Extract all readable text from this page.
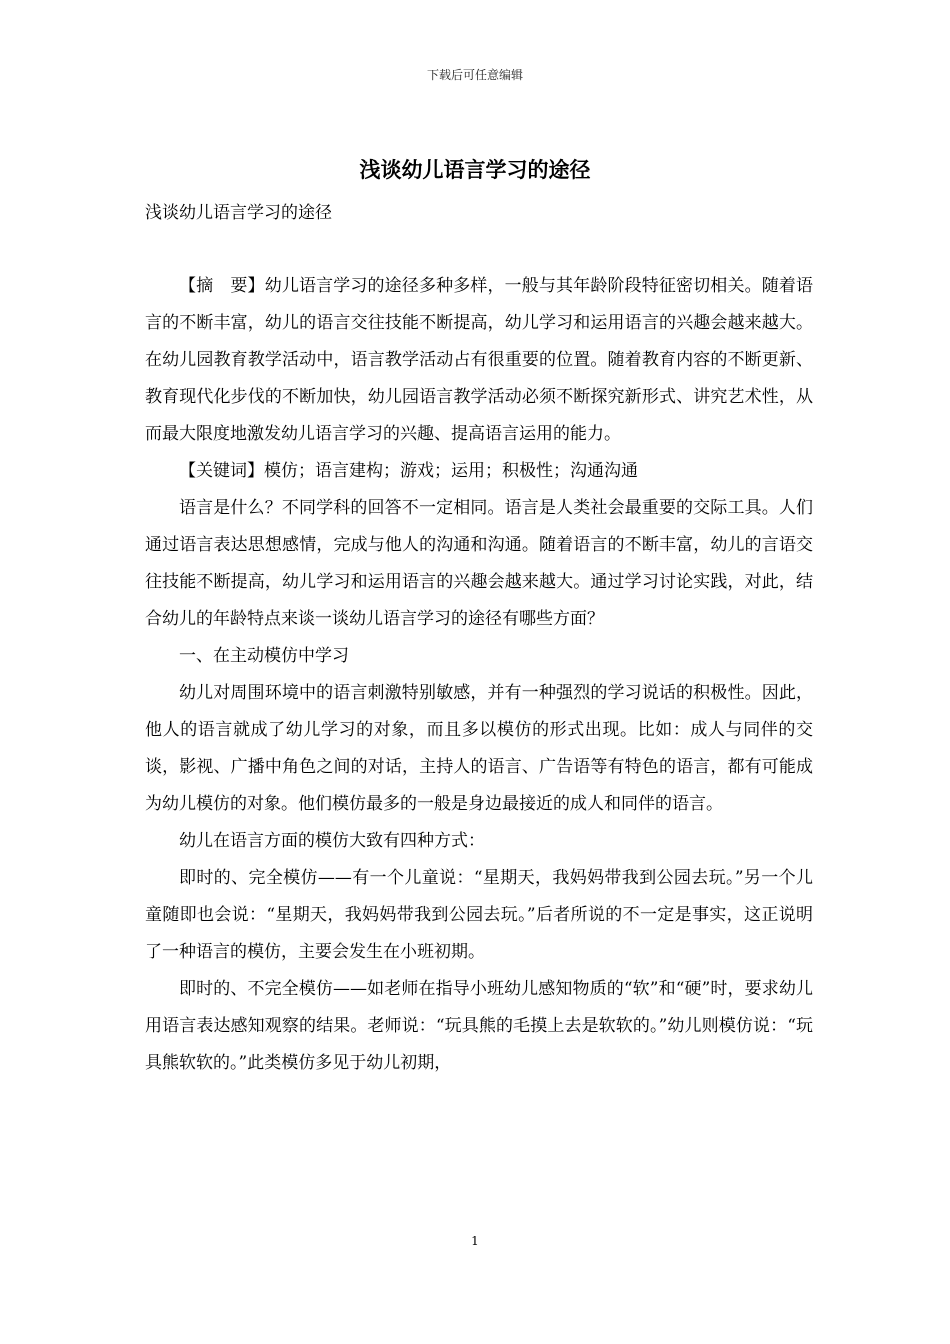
下载后可任意编辑
浅谈幼儿语言学习的途径
浅谈幼儿语言学习的途径

【摘　要】幼儿语言学习的途径多种多样，一般与其年龄阶段特征密切相关。随着语言的不断丰富，幼儿的语言交往技能不断提高，幼儿学习和运用语言的兴趣会越来越大。在幼儿园教育教学活动中，语言教学活动占有很重要的位置。随着教育内容的不断更新、教育现代化步伐的不断加快，幼儿园语言教学活动必须不断探究新形式、讲究艺术性，从而最大限度地激发幼儿语言学习的兴趣、提高语言运用的能力。

【关键词】模仿；语言建构；游戏；运用；积极性；沟通沟通

语言是什么？不同学科的回答不一定相同。语言是人类社会最重要的交际工具。人们通过语言表达思想感情，完成与他人的沟通和沟通。随着语言的不断丰富，幼儿的言语交往技能不断提高，幼儿学习和运用语言的兴趣会越来越大。通过学习讨论实践，对此，结合幼儿的年龄特点来谈一谈幼儿语言学习的途径有哪些方面？

一、在主动模仿中学习

幼儿对周围环境中的语言刺激特别敏感，并有一种强烈的学习说话的积极性。因此，他人的语言就成了幼儿学习的对象，而且多以模仿的形式出现。比如：成人与同伴的交谈，影视、广播中角色之间的对话，主持人的语言、广告语等有特色的语言，都有可能成为幼儿模仿的对象。他们模仿最多的一般是身边最接近的成人和同伴的语言。

幼儿在语言方面的模仿大致有四种方式：

即时的、完全模仿——有一个儿童说：“星期天，我妈妈带我到公园去玩。”另一个儿童随即也会说：“星期天，我妈妈带我到公园去玩。”后者所说的不一定是事实，这正说明了一种语言的模仿，主要会发生在小班初期。

即时的、不完全模仿——如老师在指导小班幼儿感知物质的“软”和“硬”时，要求幼儿用语言表达感知观察的结果。老师说：“玩具熊的毛摸上去是软软的。”幼儿则模仿说：“玩具熊软软的。”此类模仿多见于幼儿初期，

1
